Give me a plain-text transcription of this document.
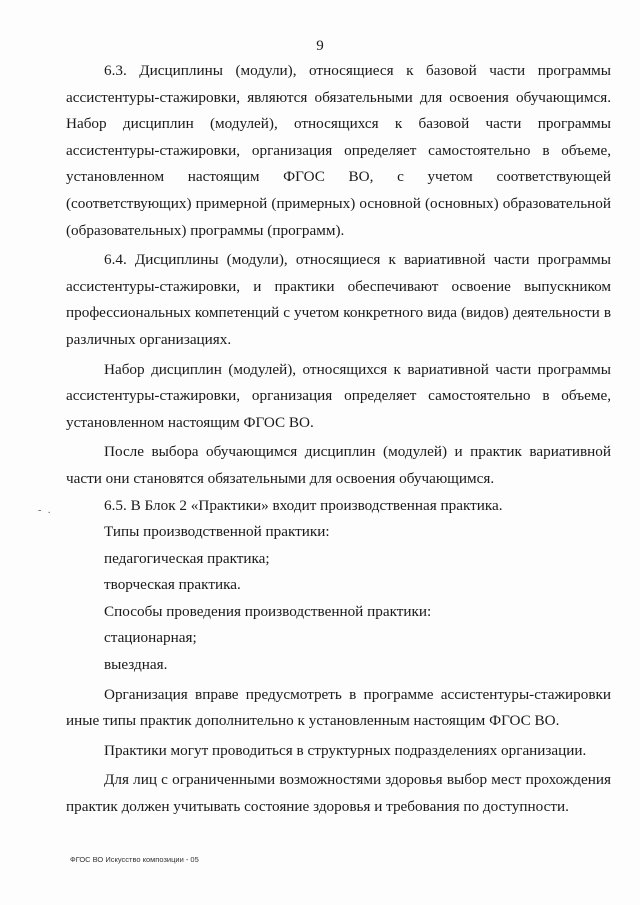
9
- .

6.3. Дисциплины (модули), относящиеся к базовой части программы ассистентуры-стажировки, являются обязательными для освоения обучающимся. Набор дисциплин (модулей), относящихся к базовой части программы ассистентуры-стажировки, организация определяет самостоятельно в объеме, установленном настоящим ФГОС ВО, с учетом соответствующей (соответствующих) примерной (примерных) основной (основных) образовательной (образовательных) программы (программ).

6.4. Дисциплины (модули), относящиеся к вариативной части программы ассистентуры-стажировки, и практики обеспечивают освоение выпускником профессиональных компетенций с учетом конкретного вида (видов) деятельности в различных организациях.

Набор дисциплин (модулей), относящихся к вариативной части программы ассистентуры-стажировки, организация определяет самостоятельно в объеме, установленном настоящим ФГОС ВО.

После выбора обучающимся дисциплин (модулей) и практик вариативной части они становятся обязательными для освоения обучающимся.

6.5. В Блок 2 «Практики» входит производственная практика.

Типы производственной практики:

педагогическая практика;

творческая практика.

Способы проведения производственной практики:

стационарная;

выездная.

Организация вправе предусмотреть в программе ассистентуры-стажировки иные типы практик дополнительно к установленным настоящим ФГОС ВО.

Практики могут проводиться в структурных подразделениях организации.

Для лиц с ограниченными возможностями здоровья выбор мест прохождения практик должен учитывать состояние здоровья и требования по доступности.

ФГОС ВО Искусство композиции - 05
